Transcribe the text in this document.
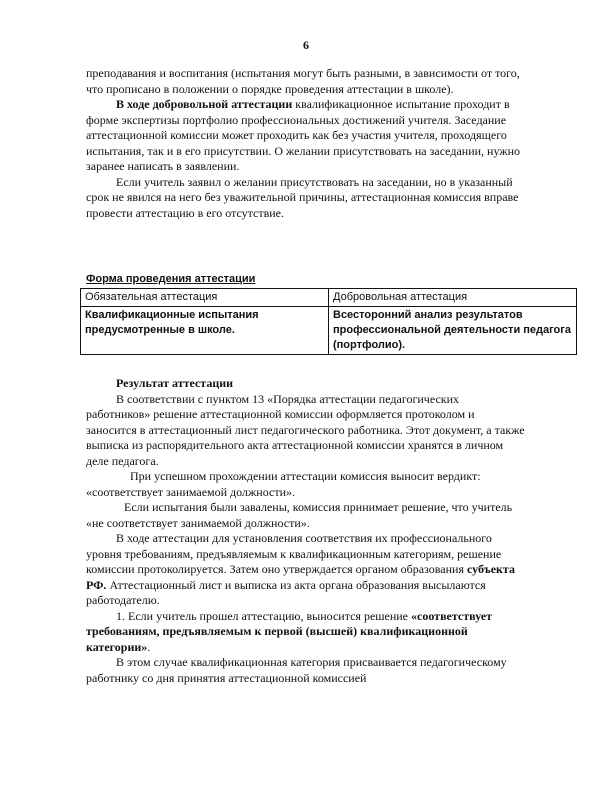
6

преподавания и воспитания (испытания могут быть разными, в зависимости от того, что прописано в положении о порядке проведения аттестации в школе).

В ходе добровольной аттестации квалификационное испытание проходит в форме экспертизы портфолио профессиональных достижений учителя. Заседание аттестационной комиссии может проходить как без участия учителя, проходящего испытания, так и в его присутствии. О желании присутствовать на заседании, нужно заранее написать в заявлении.

Если учитель заявил о желании присутствовать на заседании, но в указанный срок не явился на него без уважительной причины, аттестационная комиссия вправе провести аттестацию в его отсутствие.

Форма проведения аттестации
Обязательная аттестация	Добровольная аттестация
Квалификационные испытания предусмотренные в школе.	Всесторонний анализ результатов профессиональной деятельности педагога (портфолио).

Результат аттестации

В соответствии с пунктом 13 «Порядка аттестации педагогических работников» решение аттестационной комиссии оформляется протоколом и заносится в аттестационный лист педагогического работника. Этот документ, а также выписка из распорядительного акта аттестационной комиссии хранятся в личном деле педагога.

При успешном прохождении аттестации комиссия выносит вердикт: «соответствует занимаемой должности».

Если испытания были завалены, комиссия принимает решение, что учитель «не соответствует занимаемой должности».

В ходе аттестации для установления соответствия их профессионального уровня требованиям, предъявляемым к квалификационным категориям, решение комиссии протоколируется. Затем оно утверждается органом образования субъекта РФ. Аттестационный лист и выписка из акта органа образования высылаются работодателю.

1. Если учитель прошел аттестацию, выносится решение «соответствует требованиям, предъявляемым к первой (высшей) квалификационной категории».

В этом случае квалификационная категория присваивается педагогическому работнику со дня принятия аттестационной комиссией
